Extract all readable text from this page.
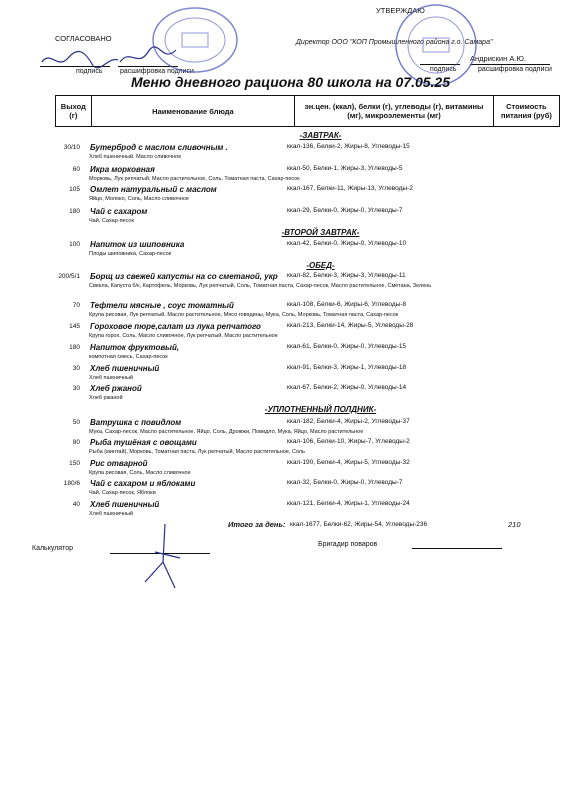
СОГЛАСОВАНО
УТВЕРЖДАЮ
Директор ООО "КОП Промышленного района г.о. Самара"
Андрискин А.Ю.
подпись	расшифровка подписи	подпись	расшифровка подписи
Меню дневного рациона 80 школа на 07.05.25
Выход (г)	Наименование блюда	эн.цен. (ккал), белки (г), углеводы (г), витамины (мг), микроэлементы (мг)	Стоимость питания (руб)
-ЗАВТРАК-
30/10 Бутерброд с маслом сливочным .	ккал-136, Белки-2, Жиры-8, Углеводы-15
Хлеб пшеничный, Масло сливочное
60 Икра морковная	ккал-50, Белки-1, Жиры-3, Углеводы-5
Морковь, Лук репчатый, Масло растительное, Соль, Томатная паста, Сахар-песок
105 Омлет натуральный с маслом	ккал-167, Белки-11, Жиры-13, Углеводы-2
Яйцо, Молоко, Соль, Масло сливочное
180 Чай с сахаром	ккал-29, Белки-0, Жиры-0, Углеводы-7
Чай, Сахар-песок
-ВТОРОЙ ЗАВТРАК-
100 Напиток из шиповника	ккал-42, Белки-0, Жиры-0, Углеводы-10
Плоды шиповника, Сахар-песок
-ОБЕД-
200/5/1 Борщ из свежей капусты на со сметаной, укр ккал-82, Белки-3, Жиры-3, Углеводы-11
Свекла, Капуста б/к, Картофель, Морковь, Лук репчатый, Соль, Томатная паста, Сахар-песок, Масло растительное, Сметана, Зелень
70 Тефтели мясные , соус томатный	ккал-108, Белки-6, Жиры-6, Углеводы-8
Крупа рисовая, Лук репчатый, Масло растительное, Мясо говядины, Мука, Соль, Морковь, Томатная паста, Сахар-песок
145 Гороховое пюре,салат из лука репчатого	ккал-213, Белки-14, Жиры-5, Углеводы-28
Крупа горох, Соль, Масло сливочное, Лук репчатый, Масло растительное
180 Напиток фруктовый,	ккал-61, Белки-0, Жиры-0, Углеводы-15
компотная смесь, Сахар-песок
30 Хлеб пшеничный	ккал-91, Белки-3, Жиры-1, Углеводы-18
Хлеб пшеничный
30 Хлеб ржаной	ккал-67, Белки-2, Жиры-0, Углеводы-14
Хлеб ржаной
-УПЛОТНЕННЫЙ ПОЛДНИК-
50 Ватрушка с повидлом	ккал-182, Белки-4, Жиры-2, Углеводы-37
Мука, Сахар-песок, Масло растительное, Яйцо, Соль, Дрожжи, Повидло, Мука, Яйцо, Масло растительное
80 Рыба тушёная с овощами	ккал-106, Белки-10, Жиры-7, Углеводы-2
Рыба (минтай), Морковь, Томатная паста, Лук репчатый, Масло растительное, Соль
150 Рис отварной	ккал-190, Белки-4, Жиры-5, Углеводы-32
Крупа рисовая, Соль, Масло сливочное
180/6 Чай с сахаром и яблоками	ккал-32, Белки-0, Жиры-0, Углеводы-7
Чай, Сахар-песок, Яблоки
40 Хлеб пшеничный	ккал-121, Белки-4, Жиры-1, Углеводы-24
Хлеб пшеничный
Итого за день: ккал-1677, Белки-62, Жиры-54, Углеводы-236	210
Калькулятор
Бригадир поваров
